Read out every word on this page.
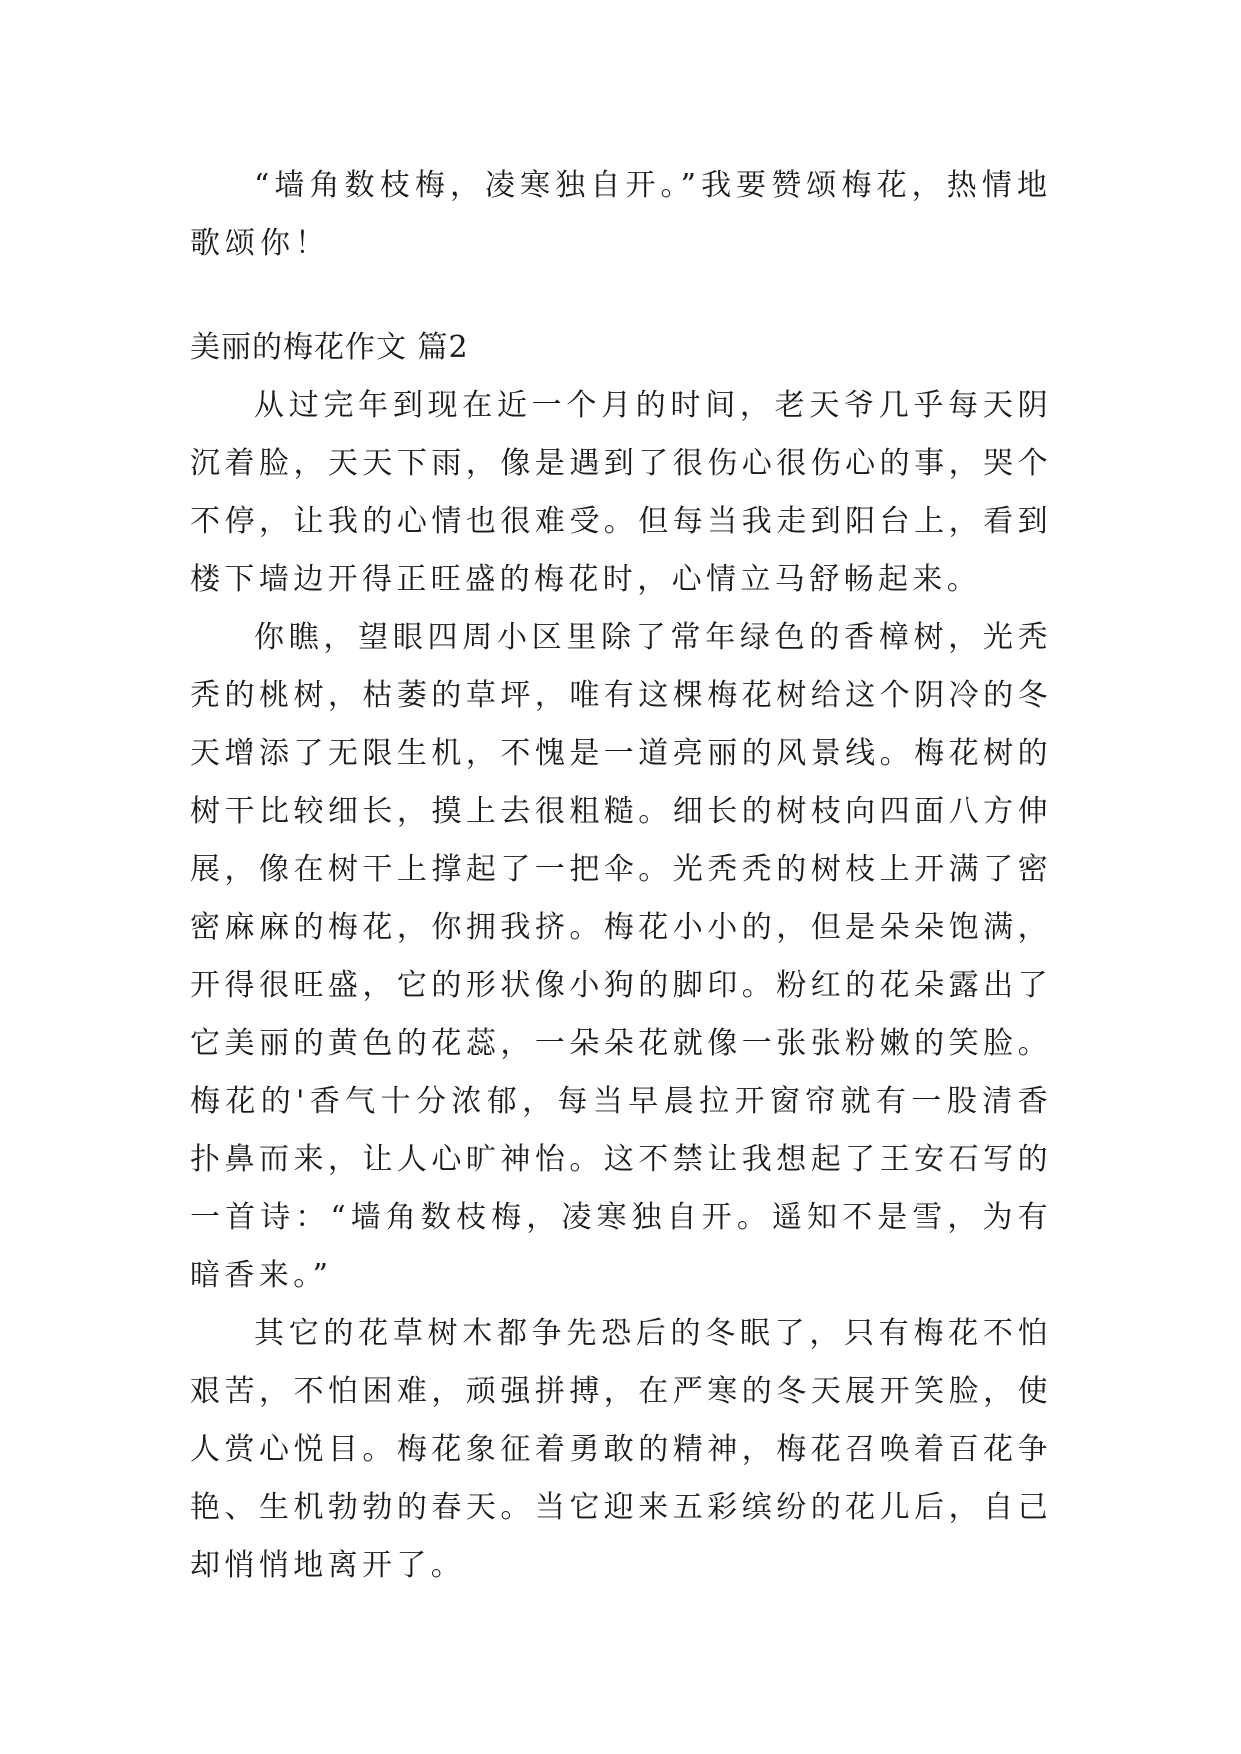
“墙角数枝梅，凌寒独自开。”我要赞颂梅花，热情地歌颂你！

美丽的梅花作文 篇2

从过完年到现在近一个月的时间，老天爷几乎每天阴沉着脸，天天下雨，像是遇到了很伤心很伤心的事，哭个不停，让我的心情也很难受。但每当我走到阳台上，看到楼下墙边开得正旺盛的梅花时，心情立马舒畅起来。

你瞧，望眼四周小区里除了常年绿色的香樟树，光秃秃的桃树，枯萎的草坪，唯有这棵梅花树给这个阴冷的冬天增添了无限生机，不愧是一道亮丽的风景线。梅花树的树干比较细长，摸上去很粗糙。细长的树枝向四面八方伸展，像在树干上撑起了一把伞。光秃秃的树枝上开满了密密麻麻的梅花，你拥我挤。梅花小小的，但是朵朵饱满，开得很旺盛，它的形状像小狗的脚印。粉红的花朵露出了它美丽的黄色的花蕊，一朵朵花就像一张张粉嫩的笑脸。梅花的'香气十分浓郁，每当早晨拉开窗帘就有一股清香扑鼻而来，让人心旷神怡。这不禁让我想起了王安石写的一首诗：“墙角数枝梅，凌寒独自开。遥知不是雪，为有暗香来。”

其它的花草树木都争先恐后的冬眠了，只有梅花不怕艰苦，不怕困难，顽强拼搏，在严寒的冬天展开笑脸，使人赏心悦目。梅花象征着勇敢的精神，梅花召唤着百花争艳、生机勃勃的春天。当它迎来五彩缤纷的花儿后，自己却悄悄地离开了。
